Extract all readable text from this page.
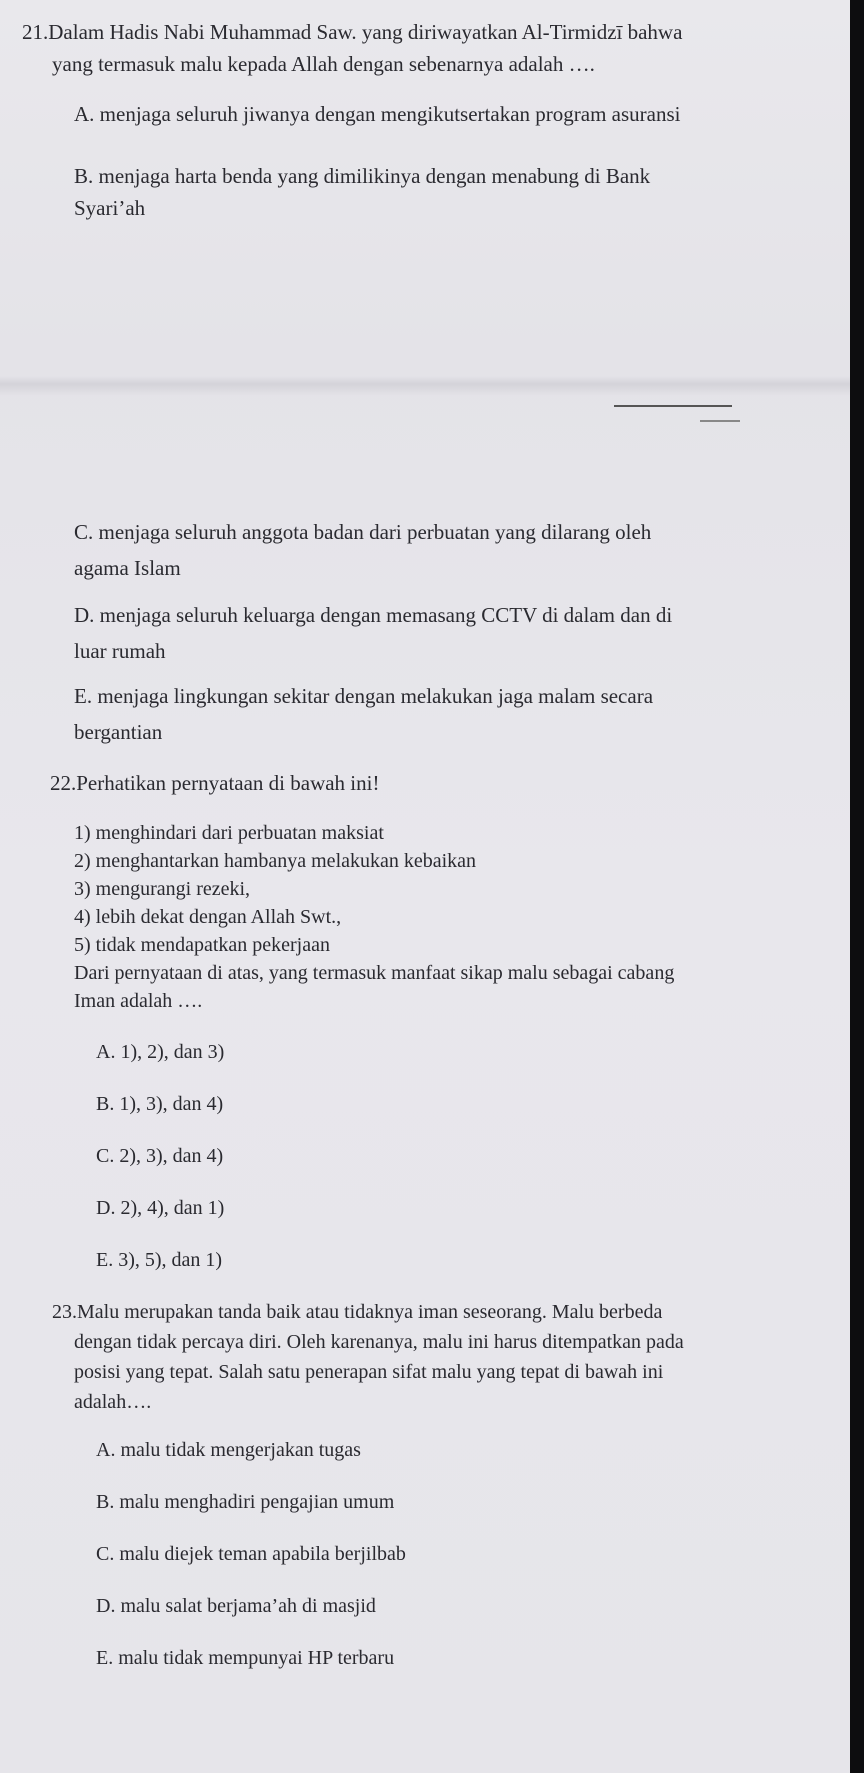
21.Dalam Hadis Nabi Muhammad Saw. yang diriwayatkan Al-Tirmidzī bahwa
yang termasuk malu kepada Allah dengan sebenarnya adalah ….
A. menjaga seluruh jiwanya dengan mengikutsertakan program asuransi
B. menjaga harta benda yang dimilikinya dengan menabung di Bank
Syari’ah
C. menjaga seluruh anggota badan dari perbuatan yang dilarang oleh
agama Islam
D. menjaga seluruh keluarga dengan memasang CCTV di dalam dan di
luar rumah
E. menjaga lingkungan sekitar dengan melakukan jaga malam secara
bergantian
22.Perhatikan pernyataan di bawah ini!
1) menghindari dari perbuatan maksiat
2) menghantarkan hambanya melakukan kebaikan
3) mengurangi rezeki,
4) lebih dekat dengan Allah Swt.,
5) tidak mendapatkan pekerjaan
Dari pernyataan di atas, yang termasuk manfaat sikap malu sebagai cabang
Iman adalah ….
A. 1), 2), dan 3)
B. 1), 3), dan 4)
C. 2), 3), dan 4)
D. 2), 4), dan 1)
E. 3), 5), dan 1)
23.Malu merupakan tanda baik atau tidaknya iman seseorang. Malu berbeda
dengan tidak percaya diri. Oleh karenanya, malu ini harus ditempatkan pada
posisi yang tepat. Salah satu penerapan sifat malu yang tepat di bawah ini
adalah….
A. malu tidak mengerjakan tugas
B. malu menghadiri pengajian umum
C. malu diejek teman apabila berjilbab
D. malu salat berjama’ah di masjid
E. malu tidak mempunyai HP terbaru
